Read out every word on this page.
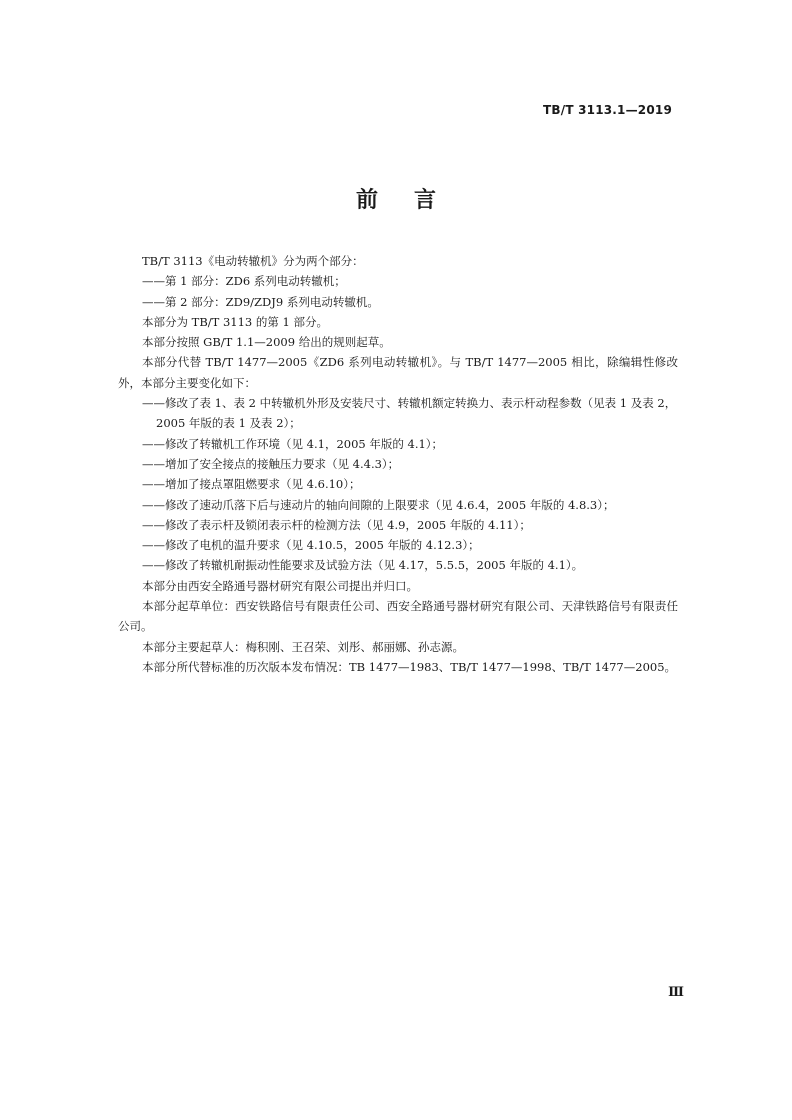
TB/T 3113.1—2019
前言

TB/T 3113《电动转辙机》分为两个部分：

——第 1 部分：ZD6 系列电动转辙机；

——第 2 部分：ZD9/ZDJ9 系列电动转辙机。

本部分为 TB/T 3113 的第 1 部分。

本部分按照 GB/T 1.1—2009 给出的规则起草。

本部分代替 TB/T 1477—2005《ZD6 系列电动转辙机》。与 TB/T 1477—2005 相比，除编辑性修改外，本部分主要变化如下：

——修改了表 1、表 2 中转辙机外形及安装尺寸、转辙机额定转换力、表示杆动程参数（见表 1 及表 2，
2005 年版的表 1 及表 2）；

——修改了转辙机工作环境（见 4.1，2005 年版的 4.1）；

——增加了安全接点的接触压力要求（见 4.4.3）；

——增加了接点罩阻燃要求（见 4.6.10）；

——修改了速动爪落下后与速动片的轴向间隙的上限要求（见 4.6.4，2005 年版的 4.8.3）；

——修改了表示杆及锁闭表示杆的检测方法（见 4.9，2005 年版的 4.11）；

——修改了电机的温升要求（见 4.10.5，2005 年版的 4.12.3）；

——修改了转辙机耐振动性能要求及试验方法（见 4.17，5.5.5，2005 年版的 4.1）。

本部分由西安全路通号器材研究有限公司提出并归口。

本部分起草单位：西安铁路信号有限责任公司、西安全路通号器材研究有限公司、天津铁路信号有限责任公司。

本部分主要起草人：梅积刚、王召荣、刘彤、郝丽娜、孙志源。

本部分所代替标准的历次版本发布情况：TB 1477—1983、TB/T 1477—1998、TB/T 1477—2005。

Ⅲ
